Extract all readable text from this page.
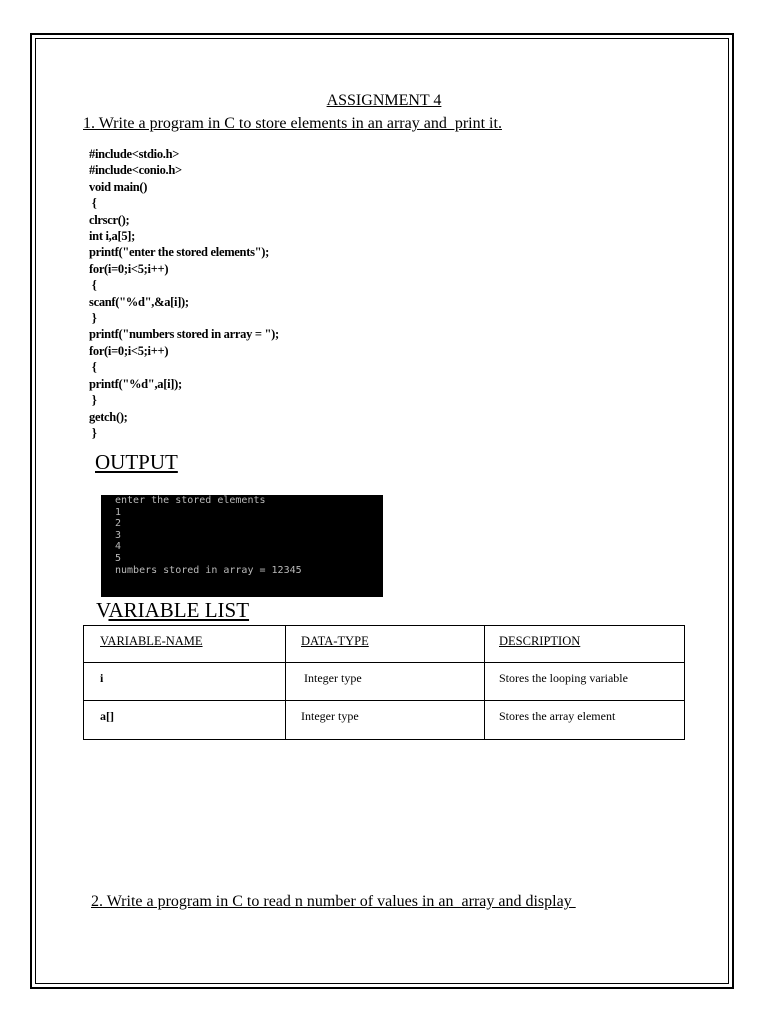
ASSIGNMENT 4
1. Write a program in C to store elements in an array and  print it.
#include<stdio.h>
#include<conio.h>
void main()
{
clrscr();
int i,a[5];
printf("enter the stored elements");
for(i=0;i<5;i++)
{
scanf("%d",&a[i]);
}
printf("numbers stored in array = ");
for(i=0;i<5;i++)
{
printf("%d",a[i]);
}
getch();
}
OUTPUT
enter the stored elements
1
2
3
4
5
numbers stored in array = 12345
VARIABLE LIST
VARIABLE-NAME	DATA-TYPE	DESCRIPTION

i	Integer type	Stores the looping variable

a[]	Integer type	Stores the array element
2. Write a program in C to read n number of values in an  array and display
